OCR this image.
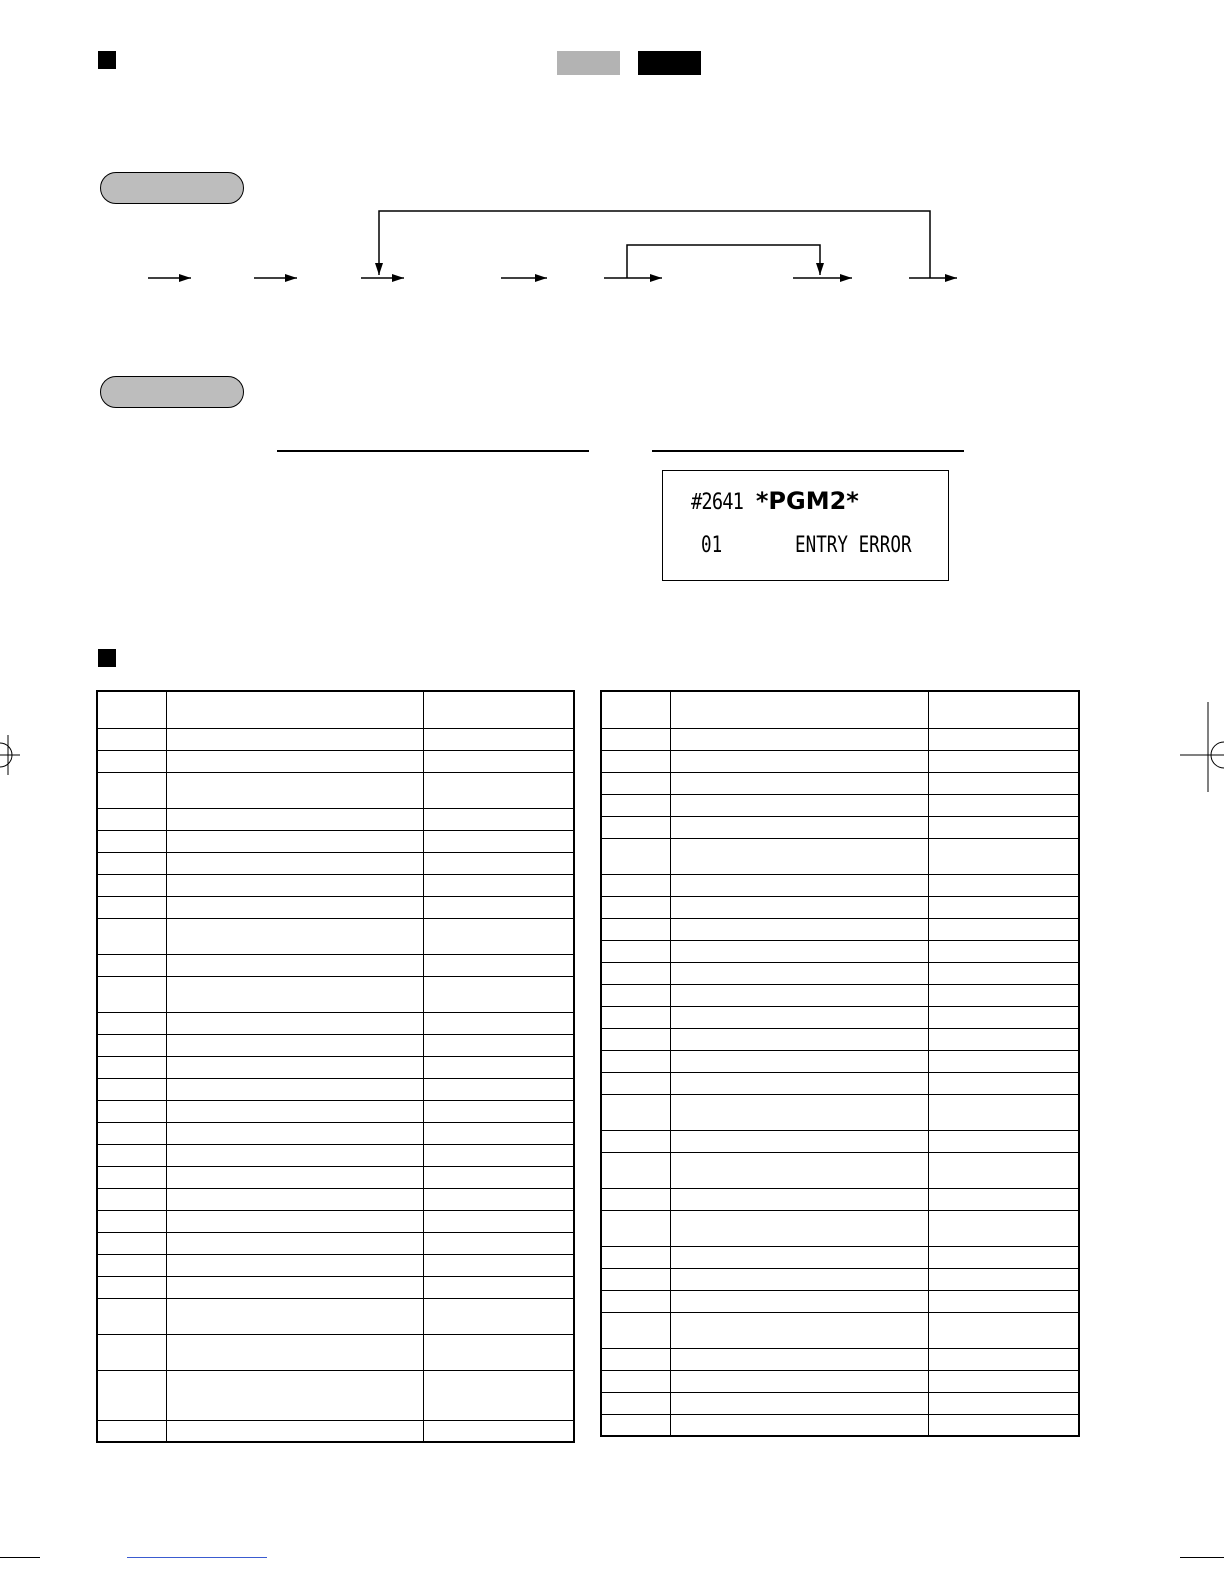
#2641 *PGM2*
01	ENTRY ERROR
